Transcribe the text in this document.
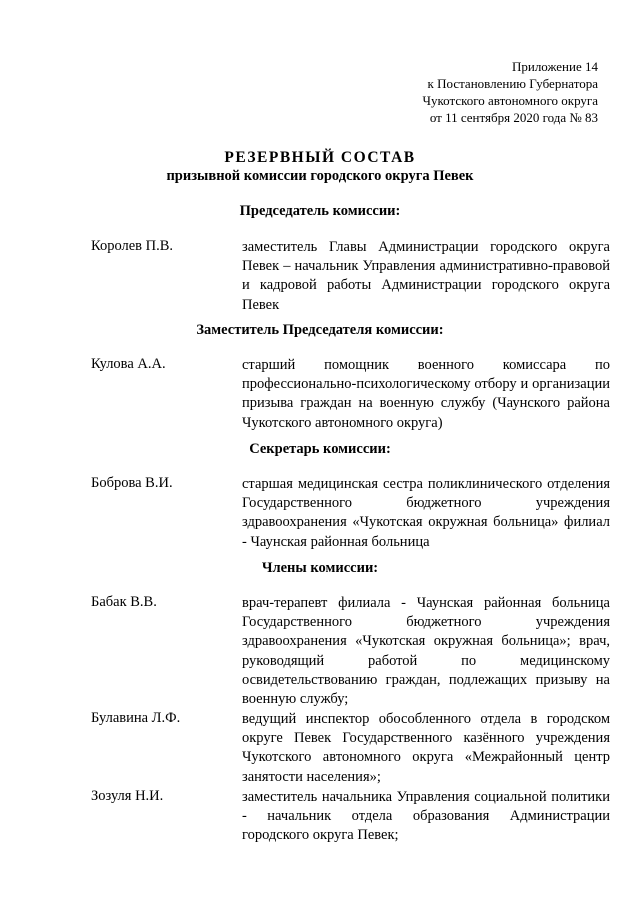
Приложение 14
к Постановлению Губернатора
Чукотского автономного округа
от 11 сентября 2020 года № 83
РЕЗЕРВНЫЙ СОСТАВ
призывной комиссии городского округа Певек
Председатель комиссии:
Королев П.В.	заместитель Главы Администрации городского округа Певек – начальник Управления административно-правовой и кадровой работы Администрации городского округа Певек
Заместитель Председателя комиссии:
Кулова А.А.	старший помощник военного комиссара по профессионально-психологическому отбору и организации призыва граждан на военную службу (Чаунского района Чукотского автономного округа)
Секретарь комиссии:
Боброва В.И.	старшая медицинская сестра поликлинического отделения Государственного бюджетного учреждения здравоохранения «Чукотская окружная больница» филиал - Чаунская районная больница
Члены комиссии:
Бабак В.В.	врач-терапевт филиала - Чаунская районная больница Государственного бюджетного учреждения здравоохранения «Чукотская окружная больница»; врач, руководящий работой по медицинскому освидетельствованию граждан, подлежащих призыву на военную службу;
Булавина Л.Ф.	ведущий инспектор обособленного отдела в городском округе Певек Государственного казённого учреждения Чукотского автономного округа «Межрайонный центр занятости населения»;
Зозуля Н.И.	заместитель начальника Управления социальной политики - начальник отдела образования Администрации городского округа Певек;
